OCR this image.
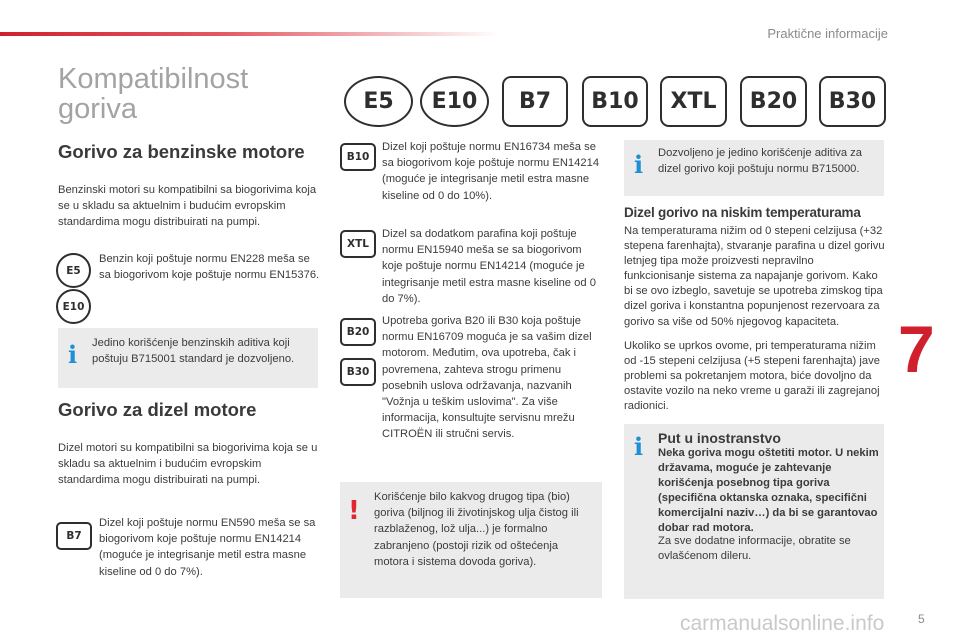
Praktične informacije
Kompatibilnost
goriva	E5	E10	B7	B10	XTL	B20	B30
Gorivo za benzinske motore
Benzinski motori su kompatibilni sa biogorivima koja se u skladu sa aktuelnim i budućim evropskim standardima mogu distribuirati na pumpi.
E5
E10
Benzin koji poštuje normu EN228 meša se sa biogorivom koje poštuje normu EN15376.
i Jedino korišćenje benzinskih aditiva koji poštuju B715001 standard je dozvoljeno.
Gorivo za dizel motore
Dizel motori su kompatibilni sa biogorivima koja se u skladu sa aktuelnim i budućim evropskim standardima mogu distribuirati na pumpi.
B7
Dizel koji poštuje normu EN590 meša se sa biogorivom koje poštuje normu EN14214 (moguće je integrisanje metil estra masne kiseline od 0 do 7%).
B10
Dizel koji poštuje normu EN16734 meša se sa biogorivom koje poštuje normu EN14214 (moguće je integrisanje metil estra masne kiseline od 0 do 10%).
XTL
Dizel sa dodatkom parafina koji poštuje normu EN15940 meša se sa biogorivom koje poštuje normu EN14214 (moguće je integrisanje metil estra masne kiseline od 0 do 7%).
B20
B30
Upotreba goriva B20 ili B30 koja poštuje normu EN16709 moguća je sa vašim dizel motorom. Međutim, ova upotreba, čak i povremena, zahteva strogu primenu posebnih uslova održavanja, nazvanih "Vožnja u teškim uslovima". Za više informacija, konsultujte servisnu mrežu CITROËN ili stručni servis.
! Korišćenje bilo kakvog drugog tipa (bio) goriva (biljnog ili životinjskog ulja čistog ili razblaženog, lož ulja...) je formalno zabranjeno (postoji rizik od oštećenja motora i sistema dovoda goriva).
i Dozvoljeno je jedino korišćenje aditiva za dizel gorivo koji poštuju normu B715000.
Dizel gorivo na niskim temperaturama
Na temperaturama nižim od 0 stepeni celzijusa (+32 stepena farenhajta), stvaranje parafina u dizel gorivu letnjeg tipa može proizvesti nepravilno funkcionisanje sistema za napajanje gorivom. Kako bi se ovo izbeglo, savetuje se upotreba zimskog tipa dizel goriva i konstantna popunjenost rezervoara za gorivo sa više od 50% njegovog kapaciteta.
Ukoliko se uprkos ovome, pri temperaturama nižim od -15 stepeni celzijusa (+5 stepeni farenhajta) jave problemi sa pokretanjem motora, biće dovoljno da ostavite vozilo na neko vreme u garaži ili zagrejanoj radionici.
i Put u inostranstvo
Neka goriva mogu oštetiti motor. U nekim državama, moguće je zahtevanje korišćenja posebnog tipa goriva (specifična oktanska oznaka, specifični komercijalni naziv…) da bi se garantovao dobar rad motora.
Za sve dodatne informacije, obratite se ovlašćenom dileru.
7
carmanualsonline.info	5
